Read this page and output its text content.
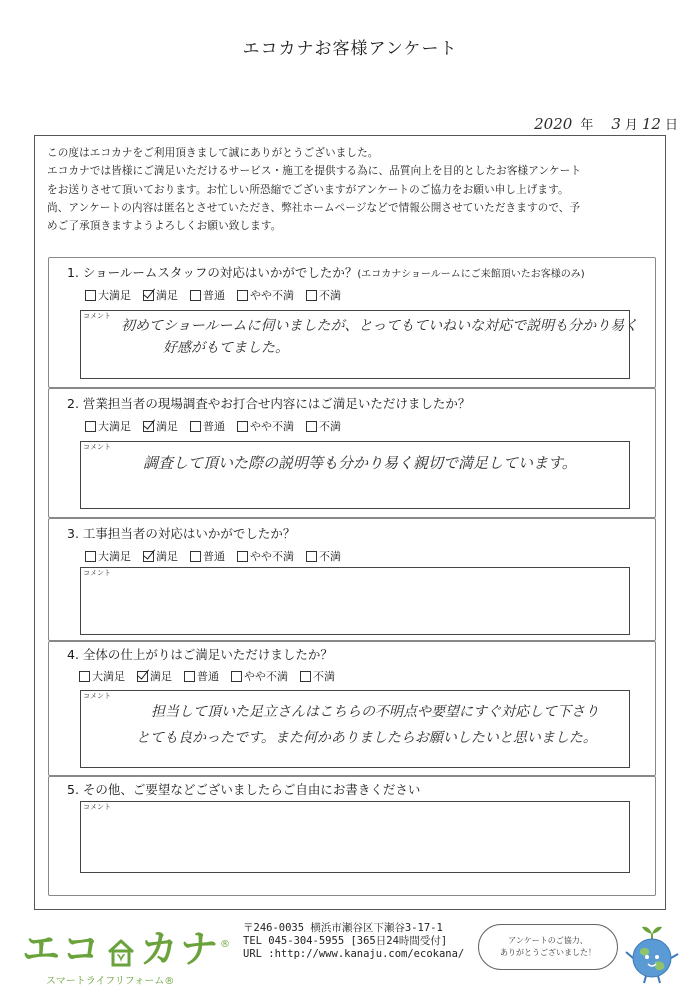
エコカナお客様アンケート
2020 年 3 月 12 日

この度はエコカナをご利用頂きまして誠にありがとうございました。

エコカナでは皆様にご満足いただけるサービス・施工を提供する為に、品質向上を目的としたお客様アンケート

をお送りさせて頂いております。お忙しい所恐縮でございますがアンケートのご協力をお願い申し上げます。

尚、アンケートの内容は匿名とさせていただき、弊社ホームページなどで情報公開させていただきますので、予

めご了承頂きますようよろしくお願い致します。

1. ショールームスタッフの対応はいかがでしたか？(エコカナショールームにご来館頂いたお客様のみ)
大満足 満足 普通 やや不満 不満
コメント
初めてショールームに伺いましたが、とってもていねいな対応で説明も分かり易く
好感がもてました。
2. 営業担当者の現場調査やお打合せ内容にはご満足いただけましたか？
大満足 満足 普通 やや不満 不満
コメント
調査して頂いた際の説明等も分かり易く親切で満足しています。
3. 工事担当者の対応はいかがでしたか？
大満足 満足 普通 やや不満 不満
コメント
4. 全体の仕上がりはご満足いただけましたか？
大満足 満足 普通 やや不満 不満
コメント
担当して頂いた足立さんはこちらの不明点や要望にすぐ対応して下さり
とても良かったです。また何かありましたらお願いしたいと思いました。
5. その他、ご要望などございましたらご自由にお書きください
コメント
エコ カナ ®
スマートライフリフォーム®
〒246-0035 横浜市瀬谷区下瀬谷3-17-1
TEL 045-304-5955 [365日24時間受付]
URL :http://www.kanaju.com/ecokana/
アンケートのご協力、
ありがとうございました！
